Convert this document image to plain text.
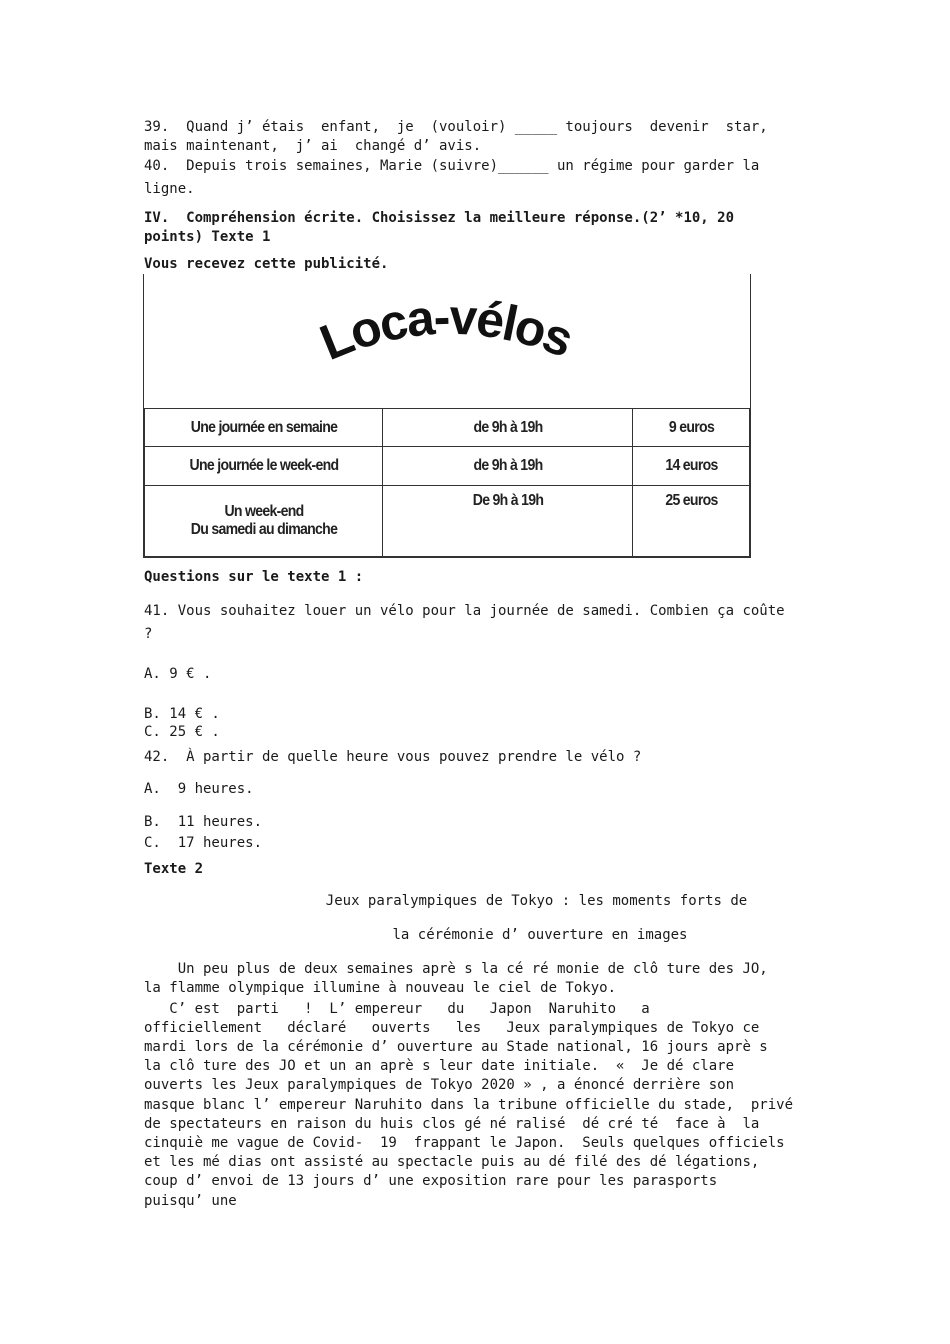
39.  Quand j’ étais  enfant,  je  (vouloir) _____ toujours  devenir  star,
mais maintenant,  j’ ai  changé d’ avis.
40.  Depuis trois semaines, Marie (suivre)______ un régime pour garder la
ligne.
IV.  Compréhension écrite. Choisissez la meilleure réponse.(2’ *10, 20
points) Texte 1
Vous recevez cette publicité.
Loca-vélos
Une journée en semaine	de 9h à 19h	9 euros

Une journée le week-end	de 9h à 19h	14 euros

Un week-end
Du samedi au dimanche	De 9h à 19h	25 euros
Questions sur le texte 1 :
41. Vous souhaitez louer un vélo pour la journée de samedi. Combien ça coûte
?
A. 9 € .
B. 14 € .
C. 25 € .
42.  À partir de quelle heure vous pouvez prendre le vélo ?
A.  9 heures.
B.  11 heures.
C.  17 heures.
Texte 2
Jeux paralympiques de Tokyo : les moments forts de
la cérémonie d’ ouverture en images
Un peu plus de deux semaines aprè s la cé ré monie de clô ture des JO,
la flamme olympique illumine à nouveau le ciel de Tokyo.
C’ est  parti   !  L’ empereur   du   Japon  Naruhito   a
officiellement   déclaré   ouverts   les   Jeux paralympiques de Tokyo ce
mardi lors de la cérémonie d’ ouverture au Stade national, 16 jours aprè s
la clô ture des JO et un an aprè s leur date initiale.  «  Je dé clare
ouverts les Jeux paralympiques de Tokyo 2020 » , a énoncé derrière son
masque blanc l’ empereur Naruhito dans la tribune officielle du stade,  privé
de spectateurs en raison du huis clos gé né ralisé  dé cré té  face à  la
cinquiè me vague de Covid-  19  frappant le Japon.  Seuls quelques officiels
et les mé dias ont assisté au spectacle puis au dé filé des dé légations,
coup d’ envoi de 13 jours d’ une exposition rare pour les parasports
puisqu’ une
